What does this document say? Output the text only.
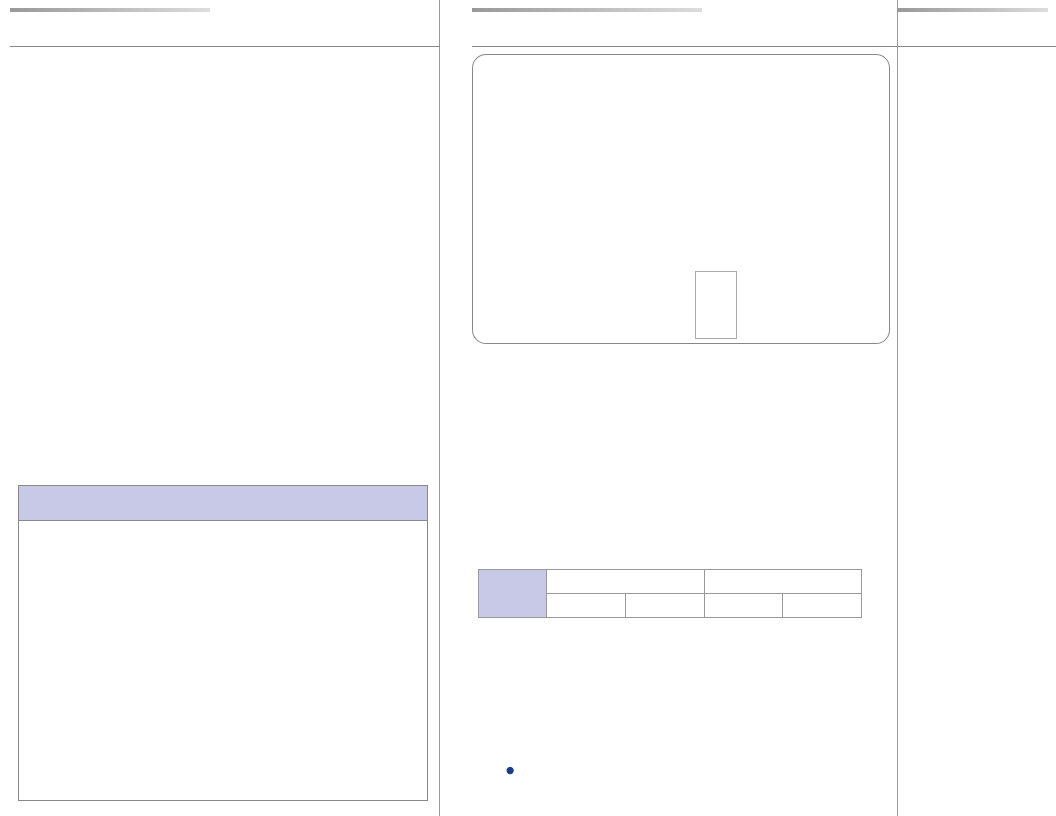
●
